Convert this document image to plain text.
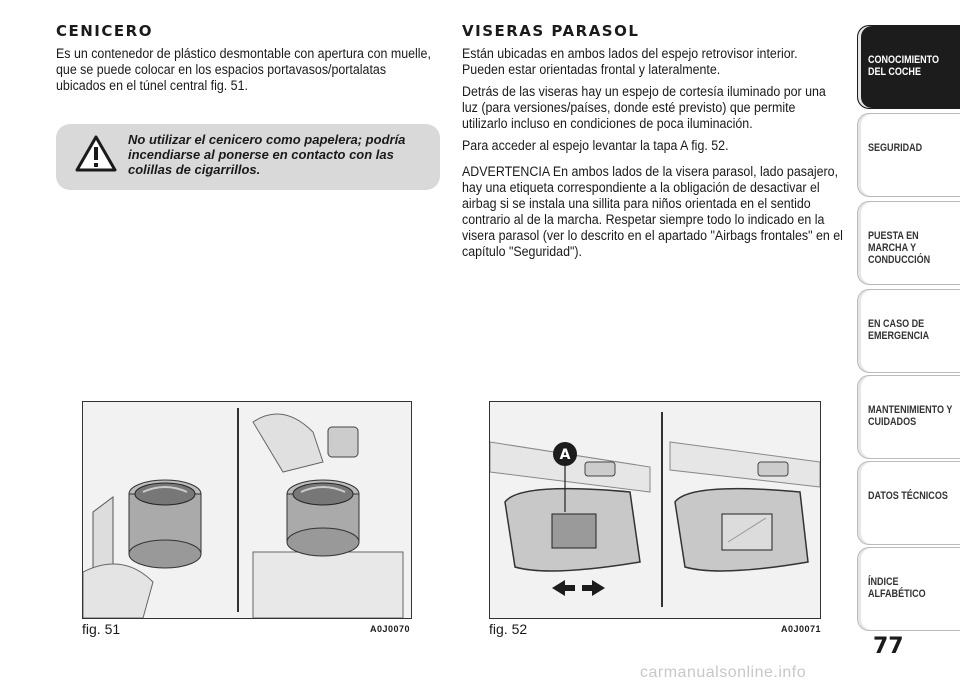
CENICERO

Es un contenedor de plástico desmontable con apertura con muelle, que se puede colocar en los espacios portavasos/portalatas ubicados en el túnel central fig. 51.

No utilizar el cenicero como papelera; podría incendiarse al ponerse en contacto con las colillas de cigarrillos.
VISERAS PARASOL

Están ubicadas en ambos lados del espejo retrovisor interior. Pueden estar orientadas frontal y lateralmente.

Detrás de las viseras hay un espejo de cortesía iluminado por una luz (para versiones/países, donde esté previsto) que permite utilizarlo incluso en condiciones de poca iluminación.

Para acceder al espejo levantar la tapa A fig. 52.

ADVERTENCIA En ambos lados de la visera parasol, lado pasajero, hay una etiqueta correspondiente a la obligación de desactivar el airbag si se instala una sillita para niños orientada en el sentido contrario al de la marcha. Respetar siempre todo lo indicado en la visera parasol (ver lo descrito en el apartado "Airbags frontales" en el capítulo "Seguridad").

fig. 51	A0J0070
A
fig. 52	A0J0071
CONOCIMIENTO DEL COCHE
SEGURIDAD
PUESTA EN MARCHA Y CONDUCCIÓN
EN CASO DE EMERGENCIA
MANTENIMIENTO Y CUIDADOS
DATOS TÉCNICOS
ÍNDICE ALFABÉTICO
77
carmanualsonline.info
